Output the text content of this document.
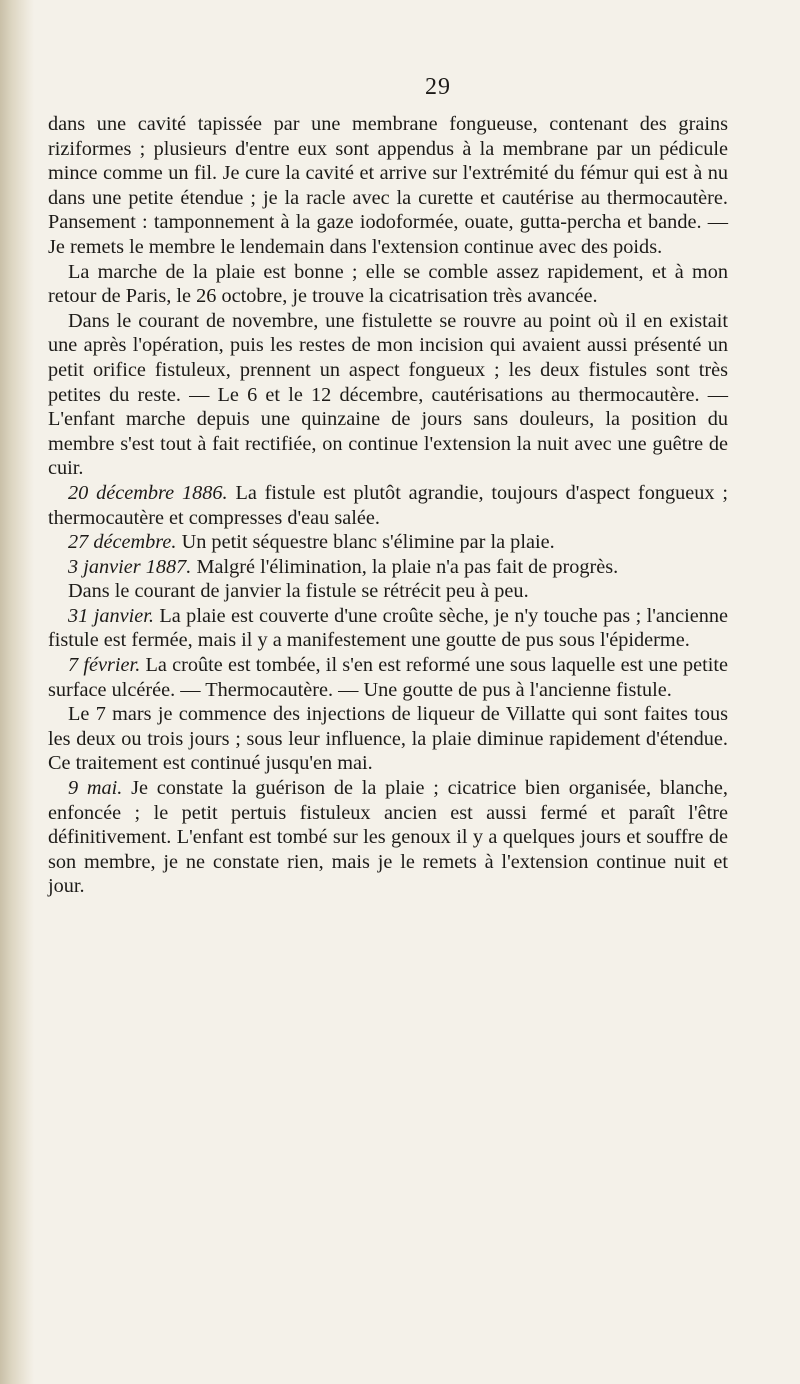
29

dans une cavité tapissée par une membrane fongueuse, contenant des grains riziformes ; plusieurs d'entre eux sont appendus à la membrane par un pédicule mince comme un fil. Je cure la cavité et arrive sur l'extrémité du fémur qui est à nu dans une petite étendue ; je la racle avec la curette et cautérise au thermocautère. Pansement : tamponnement à la gaze iodoformée, ouate, gutta-percha et bande. — Je remets le membre le lendemain dans l'extension continue avec des poids.

La marche de la plaie est bonne ; elle se comble assez rapidement, et à mon retour de Paris, le 26 octobre, je trouve la cicatrisation très avancée.

Dans le courant de novembre, une fistulette se rouvre au point où il en existait une après l'opération, puis les restes de mon incision qui avaient aussi présenté un petit orifice fistuleux, prennent un aspect fongueux ; les deux fistules sont très petites du reste. — Le 6 et le 12 décembre, cautérisations au thermocautère. — L'enfant marche depuis une quinzaine de jours sans douleurs, la position du membre s'est tout à fait rectifiée, on continue l'extension la nuit avec une guêtre de cuir.

20 décembre 1886. La fistule est plutôt agrandie, toujours d'aspect fongueux ; thermocautère et compresses d'eau salée.

27 décembre. Un petit séquestre blanc s'élimine par la plaie.

3 janvier 1887. Malgré l'élimination, la plaie n'a pas fait de progrès.

Dans le courant de janvier la fistule se rétrécit peu à peu.

31 janvier. La plaie est couverte d'une croûte sèche, je n'y touche pas ; l'ancienne fistule est fermée, mais il y a manifestement une goutte de pus sous l'épiderme.

7 février. La croûte est tombée, il s'en est reformé une sous laquelle est une petite surface ulcérée. — Thermocautère. — Une goutte de pus à l'ancienne fistule.

Le 7 mars je commence des injections de liqueur de Villatte qui sont faites tous les deux ou trois jours ; sous leur influence, la plaie diminue rapidement d'étendue. Ce traitement est continué jusqu'en mai.

9 mai. Je constate la guérison de la plaie ; cicatrice bien organisée, blanche, enfoncée ; le petit pertuis fistuleux ancien est aussi fermé et paraît l'être définitivement. L'enfant est tombé sur les genoux il y a quelques jours et souffre de son membre, je ne constate rien, mais je le remets à l'extension continue nuit et jour.
